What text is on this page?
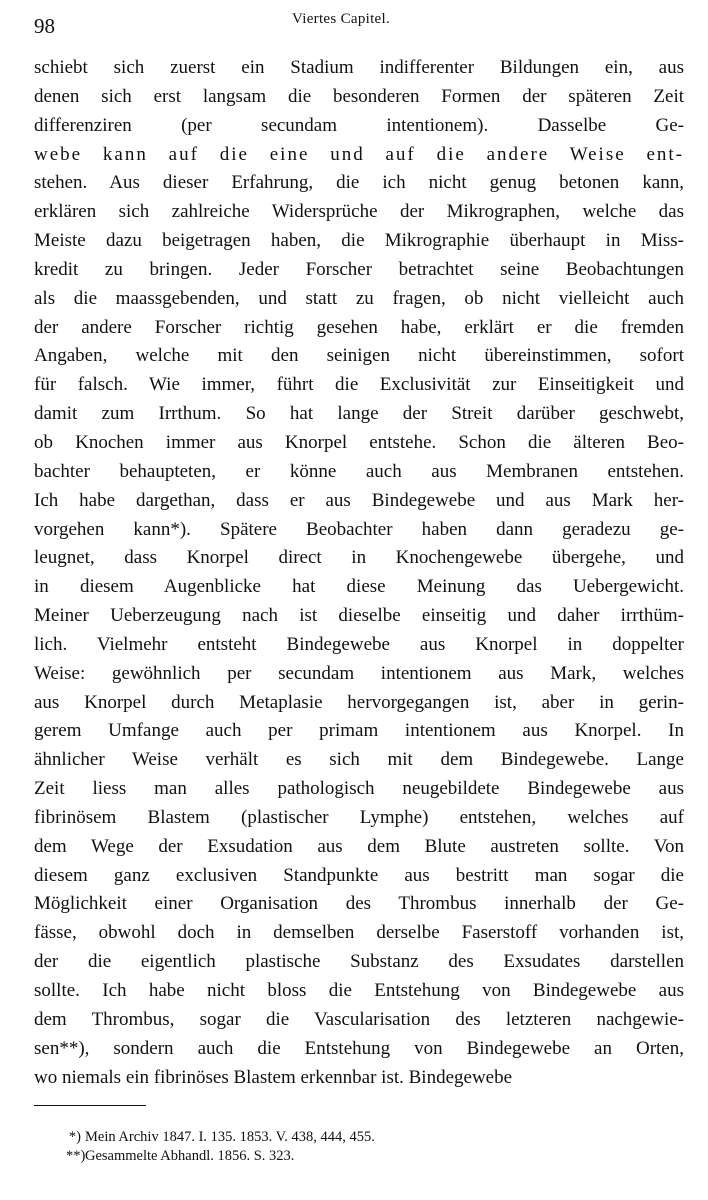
98	Viertes Capitel.
schiebt sich zuerst ein Stadium indifferenter Bildungen ein, aus
denen sich erst langsam die besonderen Formen der späteren Zeit
differenziren (per secundam intentionem). Dasselbe Ge-
webe kann auf die eine und auf die andere Weise ent-
stehen. Aus dieser Erfahrung, die ich nicht genug betonen kann,
erklären sich zahlreiche Widersprüche der Mikrographen, welche das
Meiste dazu beigetragen haben, die Mikrographie überhaupt in Miss-
kredit zu bringen. Jeder Forscher betrachtet seine Beobachtungen
als die maassgebenden, und statt zu fragen, ob nicht vielleicht auch
der andere Forscher richtig gesehen habe, erklärt er die fremden
Angaben, welche mit den seinigen nicht übereinstimmen, sofort
für falsch. Wie immer, führt die Exclusivität zur Einseitigkeit und
damit zum Irrthum. So hat lange der Streit darüber geschwebt,
ob Knochen immer aus Knorpel entstehe. Schon die älteren Beo-
bachter behaupteten, er könne auch aus Membranen entstehen.
Ich habe dargethan, dass er aus Bindegewebe und aus Mark her-
vorgehen kann*). Spätere Beobachter haben dann geradezu ge-
leugnet, dass Knorpel direct in Knochengewebe übergehe, und
in diesem Augenblicke hat diese Meinung das Uebergewicht.
Meiner Ueberzeugung nach ist dieselbe einseitig und daher irrthüm-
lich. Vielmehr entsteht Bindegewebe aus Knorpel in doppelter
Weise: gewöhnlich per secundam intentionem aus Mark, welches
aus Knorpel durch Metaplasie hervorgegangen ist, aber in gerin-
gerem Umfange auch per primam intentionem aus Knorpel. In
ähnlicher Weise verhält es sich mit dem Bindegewebe. Lange
Zeit liess man alles pathologisch neugebildete Bindegewebe aus
fibrinösem Blastem (plastischer Lymphe) entstehen, welches auf
dem Wege der Exsudation aus dem Blute austreten sollte. Von
diesem ganz exclusiven Standpunkte aus bestritt man sogar die
Möglichkeit einer Organisation des Thrombus innerhalb der Ge-
fässe, obwohl doch in demselben derselbe Faserstoff vorhanden ist,
der die eigentlich plastische Substanz des Exsudates darstellen
sollte. Ich habe nicht bloss die Entstehung von Bindegewebe aus
dem Thrombus, sogar die Vascularisation des letzteren nachgewie-
sen**), sondern auch die Entstehung von Bindegewebe an Orten,
wo niemals ein fibrinöses Blastem erkennbar ist. Bindegewebe
*) Mein Archiv 1847. I. 135. 1853. V. 438, 444, 455.
**)Gesammelte Abhandl. 1856. S. 323.
